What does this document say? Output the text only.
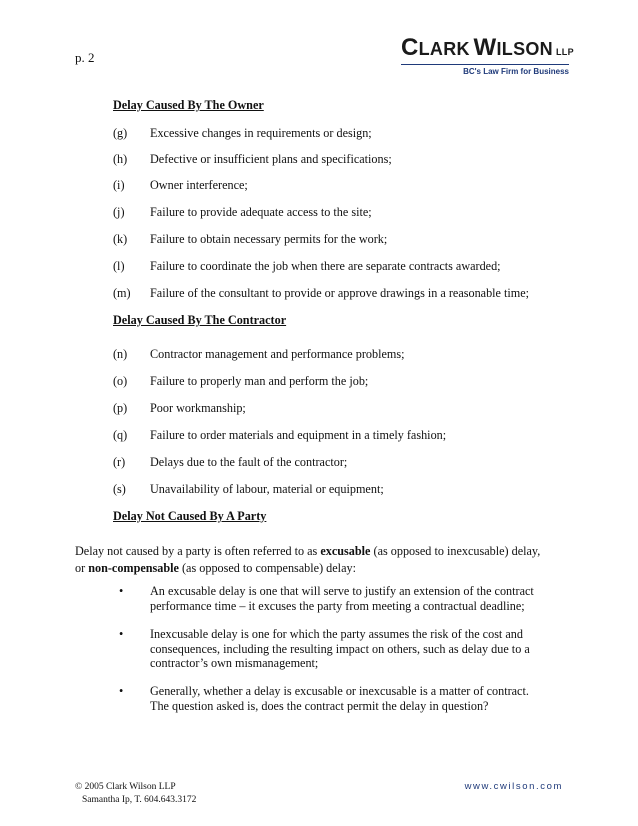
p. 2	CLARK WILSON LLP
BC's Law Firm for Business
Delay Caused By The Owner
(g) Excessive changes in requirements or design;
(h) Defective or insufficient plans and specifications;
(i) Owner interference;
(j) Failure to provide adequate access to the site;
(k) Failure to obtain necessary permits for the work;
(l) Failure to coordinate the job when there are separate contracts awarded;
(m) Failure of the consultant to provide or approve drawings in a reasonable time;
Delay Caused By The Contractor
(n) Contractor management and performance problems;
(o) Failure to properly man and perform the job;
(p) Poor workmanship;
(q) Failure to order materials and equipment in a timely fashion;
(r) Delays due to the fault of the contractor;
(s) Unavailability of labour, material or equipment;
Delay Not Caused By A Party
Delay not caused by a party is often referred to as excusable (as opposed to inexcusable) delay,
or non-compensable (as opposed to compensable) delay:
• An excusable delay is one that will serve to justify an extension of the contract
performance time – it excuses the party from meeting a contractual deadline;
• Inexcusable delay is one for which the party assumes the risk of the cost and
consequences, including the resulting impact on others, such as delay due to a
contractor’s own mismanagement;
• Generally, whether a delay is excusable or inexcusable is a matter of contract.
The question asked is, does the contract permit the delay in question?
© 2005 Clark Wilson LLP
Samantha Ip, T. 604.643.3172
www.cwilson.com
